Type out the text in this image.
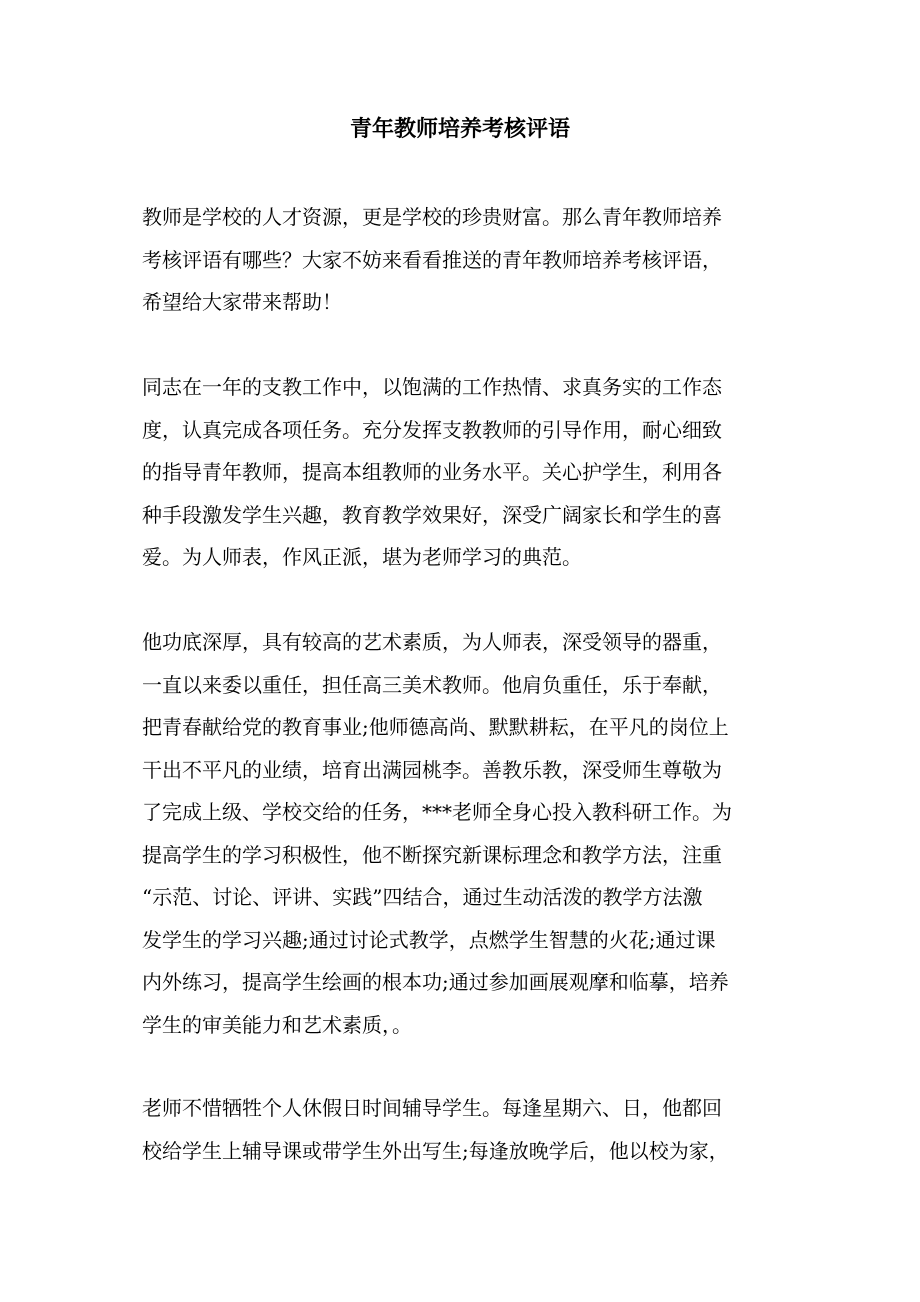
青年教师培养考核评语

教师是学校的人才资源，更是学校的珍贵财富。那么青年教师培养
考核评语有哪些？大家不妨来看看推送的青年教师培养考核评语，
希望给大家带来帮助！

同志在一年的支教工作中，以饱满的工作热情、求真务实的工作态
度，认真完成各项任务。充分发挥支教教师的引导作用，耐心细致
的指导青年教师，提高本组教师的业务水平。关心护学生，利用各
种手段激发学生兴趣，教育教学效果好，深受广阔家长和学生的喜
爱。为人师表，作风正派，堪为老师学习的典范。

他功底深厚，具有较高的艺术素质，为人师表，深受领导的器重，
一直以来委以重任，担任高三美术教师。他肩负重任，乐于奉献，
把青春献给党的教育事业;他师德高尚、默默耕耘，在平凡的岗位上
干出不平凡的业绩，培育出满园桃李。善教乐教，深受师生尊敬为
了完成上级、学校交给的任务，***老师全身心投入教科研工作。为
提高学生的学习积极性，他不断探究新课标理念和教学方法，注重
“示范、讨论、评讲、实践”四结合，通过生动活泼的教学方法激
发学生的学习兴趣;通过讨论式教学，点燃学生智慧的火花;通过课
内外练习，提高学生绘画的根本功;通过参加画展观摩和临摹，培养
学生的审美能力和艺术素质，。

老师不惜牺牲个人休假日时间辅导学生。每逢星期六、日，他都回
校给学生上辅导课或带学生外出写生;每逢放晚学后，他以校为家，
